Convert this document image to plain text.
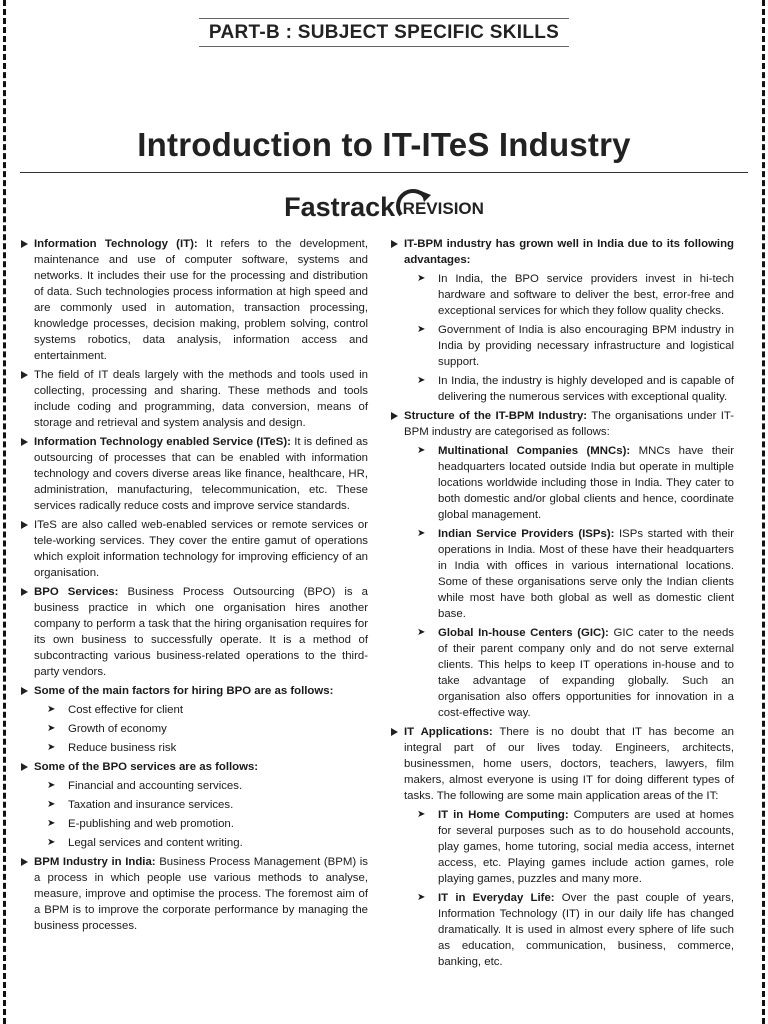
PART-B : SUBJECT SPECIFIC SKILLS
Introduction to IT-ITeS Industry
Fastrack REVISION
Information Technology (IT): It refers to the development, maintenance and use of computer software, systems and networks. It includes their use for the processing and distribution of data. Such technologies process information at high speed and are commonly used in automation, transaction processing, knowledge processes, decision making, problem solving, control systems robotics, data analysis, information access and entertainment.
The field of IT deals largely with the methods and tools used in collecting, processing and sharing. These methods and tools include coding and programming, data conversion, means of storage and retrieval and system analysis and design.
Information Technology enabled Service (ITeS): It is defined as outsourcing of processes that can be enabled with information technology and covers diverse areas like finance, healthcare, HR, administration, manufacturing, telecommunication, etc. These services radically reduce costs and improve service standards.
ITeS are also called web-enabled services or remote services or tele-working services. They cover the entire gamut of operations which exploit information technology for improving efficiency of an organisation.
BPO Services: Business Process Outsourcing (BPO) is a business practice in which one organisation hires another company to perform a task that the hiring organisation requires for its own business to successfully operate. It is a method of subcontracting various business-related operations to the third-party vendors.
Some of the main factors for hiring BPO are as follows:
➤ Cost effective for client
➤ Growth of economy
➤ Reduce business risk
Some of the BPO services are as follows:
➤ Financial and accounting services.
➤ Taxation and insurance services.
➤ E-publishing and web promotion.
➤ Legal services and content writing.
BPM Industry in India: Business Process Management (BPM) is a process in which people use various methods to analyse, measure, improve and optimise the process. The foremost aim of a BPM is to improve the corporate performance by managing the business processes.
IT-BPM industry has grown well in India due to its following advantages:
➤ In India, the BPO service providers invest in hi-tech hardware and software to deliver the best, error-free and exceptional services for which they follow quality checks.
➤ Government of India is also encouraging BPM industry in India by providing necessary infrastructure and logistical support.
➤ In India, the industry is highly developed and is capable of delivering the numerous services with exceptional quality.
Structure of the IT-BPM Industry: The organisations under IT-BPM industry are categorised as follows:
➤ Multinational Companies (MNCs): MNCs have their headquarters located outside India but operate in multiple locations worldwide including those in India. They cater to both domestic and/or global clients and hence, coordinate global management.
➤ Indian Service Providers (ISPs): ISPs started with their operations in India. Most of these have their headquarters in India with offices in various international locations. Some of these organisations serve only the Indian clients while most have both global as well as domestic client base.
➤ Global In-house Centers (GIC): GIC cater to the needs of their parent company only and do not serve external clients. This helps to keep IT operations in-house and to take advantage of expanding globally. Such an organisation also offers opportunities for innovation in a cost-effective way.
IT Applications: There is no doubt that IT has become an integral part of our lives today. Engineers, architects, businessmen, home users, doctors, teachers, lawyers, film makers, almost everyone is using IT for doing different types of tasks. The following are some main application areas of the IT:
➤ IT in Home Computing: Computers are used at homes for several purposes such as to do household accounts, play games, home tutoring, social media access, internet access, etc. Playing games include action games, role playing games, puzzles and many more.
➤ IT in Everyday Life: Over the past couple of years, Information Technology (IT) in our daily life has changed dramatically. It is used in almost every sphere of life such as education, communication, business, commerce, banking, etc.
